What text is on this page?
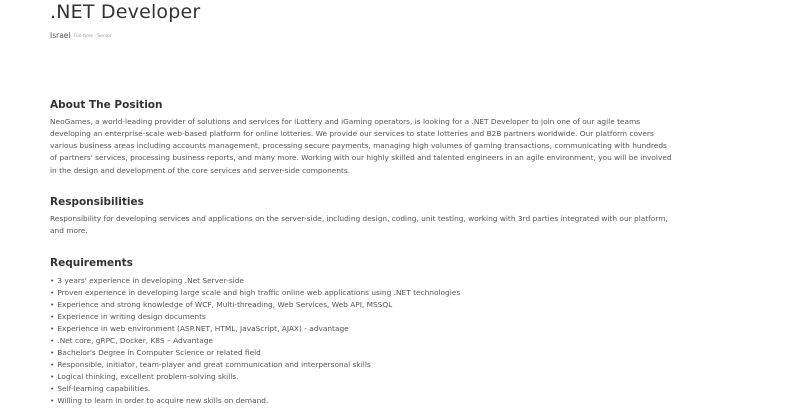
.NET Developer
Israel Full-time · Senior
About The Position
NeoGames, a world-leading provider of solutions and services for iLottery and iGaming operators, is looking for a .NET Developer to join one of our agile teams
developing an enterprise-scale web-based platform for online lotteries. We provide our services to state lotteries and B2B partners worldwide. Our platform covers
various business areas including accounts management, processing secure payments, managing high volumes of gaming transactions, communicating with hundreds
of partners' services, processing business reports, and many more. Working with our highly skilled and talented engineers in an agile environment, you will be involved
in the design and development of the core services and server-side components.
Responsibilities
Responsibility for developing services and applications on the server-side, including design, coding, unit testing, working with 3rd parties integrated with our platform,
and more.
Requirements
• 3 years' experience in developing .Net Server-side
• Proven experience in developing large scale and high traffic online web applications using .NET technologies
• Experience and strong knowledge of WCF, Multi-threading, Web Services, Web API, MSSQL
• Experience in writing design documents
• Experience in web environment (ASP.NET, HTML, JavaScript, AJAX) - advantage
• .Net core, gRPC, Docker, K8S – Advantage
• Bachelor's Degree in Computer Science or related field
• Responsible, initiator, team-player and great communication and interpersonal skills
• Logical thinking, excellent problem-solving skills.
• Self-learning capabilities.
• Willing to learn in order to acquire new skills on demand.
